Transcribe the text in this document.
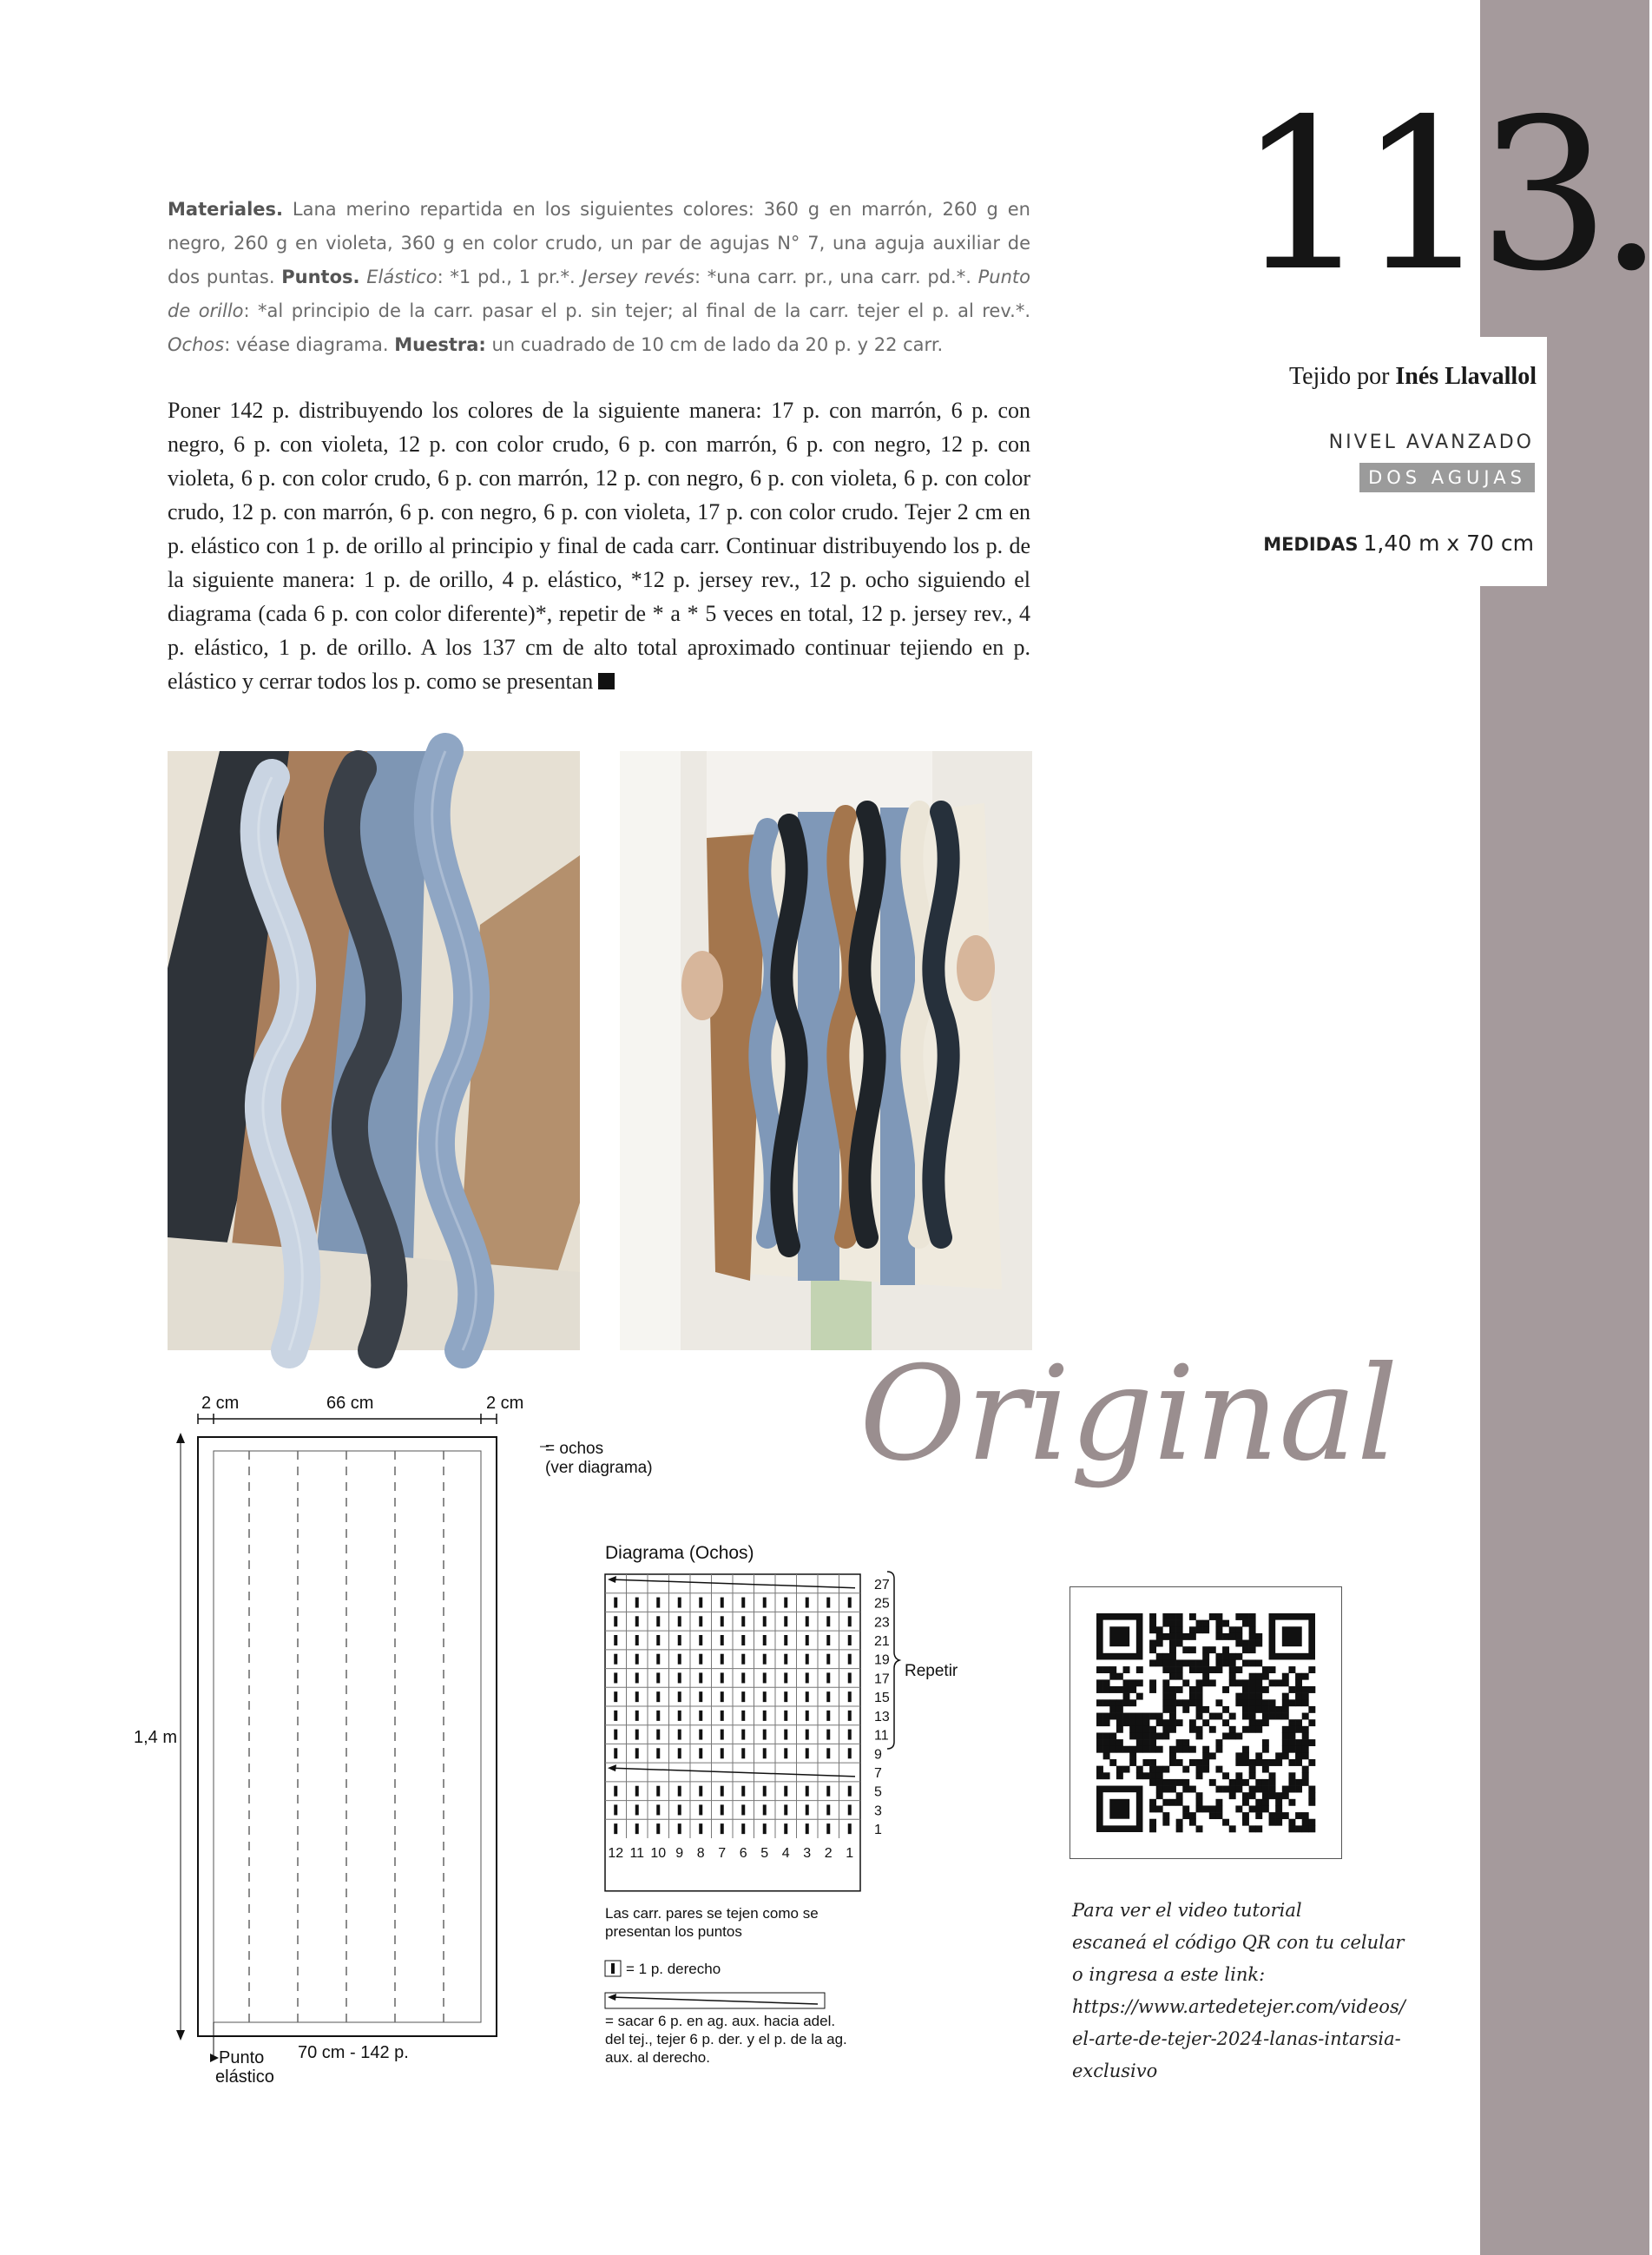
113.
Tejido por Inés Llavallol
NIVEL AVANZADO
DOS AGUJAS
MEDIDAS 1,40 m x 70 cm
Materiales. Lana merino repartida en los siguientes colores: 360 g en marrón, 260 g en negro, 260 g en violeta, 360 g en color crudo, un par de agujas N° 7, una aguja auxiliar de dos puntas. Puntos. Elástico: *1 pd., 1 pr.*. Jersey revés: *una carr. pr., una carr. pd.*. Punto de orillo: *al principio de la carr. pasar el p. sin tejer; al final de la carr. tejer el p. al rev.*. Ochos: véase diagrama. Muestra: un cuadrado de 10 cm de lado da 20 p. y 22 carr.
Poner 142 p. distribuyendo los colores de la siguiente manera: 17 p. con marrón, 6 p. con negro, 6 p. con violeta, 12 p. con color crudo, 6 p. con marrón, 6 p. con negro, 12 p. con violeta, 6 p. con color crudo, 6 p. con marrón, 12 p. con negro, 6 p. con violeta, 6 p. con color crudo, 12 p. con marrón, 6 p. con negro, 6 p. con violeta, 17 p. con color crudo. Tejer 2 cm en p. elástico con 1 p. de orillo al principio y final de cada carr. Continuar distribuyendo los p. de la siguiente manera: 1 p. de orillo, 4 p. elástico, *12 p. jersey rev., 12 p. ocho siguiendo el diagrama (cada 6 p. con color diferente)*, repetir de * a * 5 veces en total, 12 p. jersey rev., 4 p. elástico, 1 p. de orillo. A los 137 cm de alto total aproximado continuar tejiendo en p. elástico y cerrar todos los p. como se presentan
Original
2 cm	66 cm	2 cm
1,4 m
= ochos
(ver diagrama)
Punto
elástico
70 cm - 142 p.
Diagrama (Ochos)
27
25
23
21
19
17
15
13
11
9
7
5
3
1
12 11 10 9 8 7 6 5 4 3 2 1
Repetir
Las carr. pares se tejen como se
presentan los puntos
= 1 p. derecho
= sacar 6 p. en ag. aux. hacia adel.
del tej., tejer 6 p. der. y el p. de la ag.
aux. al derecho.
Para ver el video tutorial
escaneá el código QR con tu celular
o ingresa a este link:
https://www.artedetejer.com/videos/
el-arte-de-tejer-2024-lanas-intarsia-
exclusivo
